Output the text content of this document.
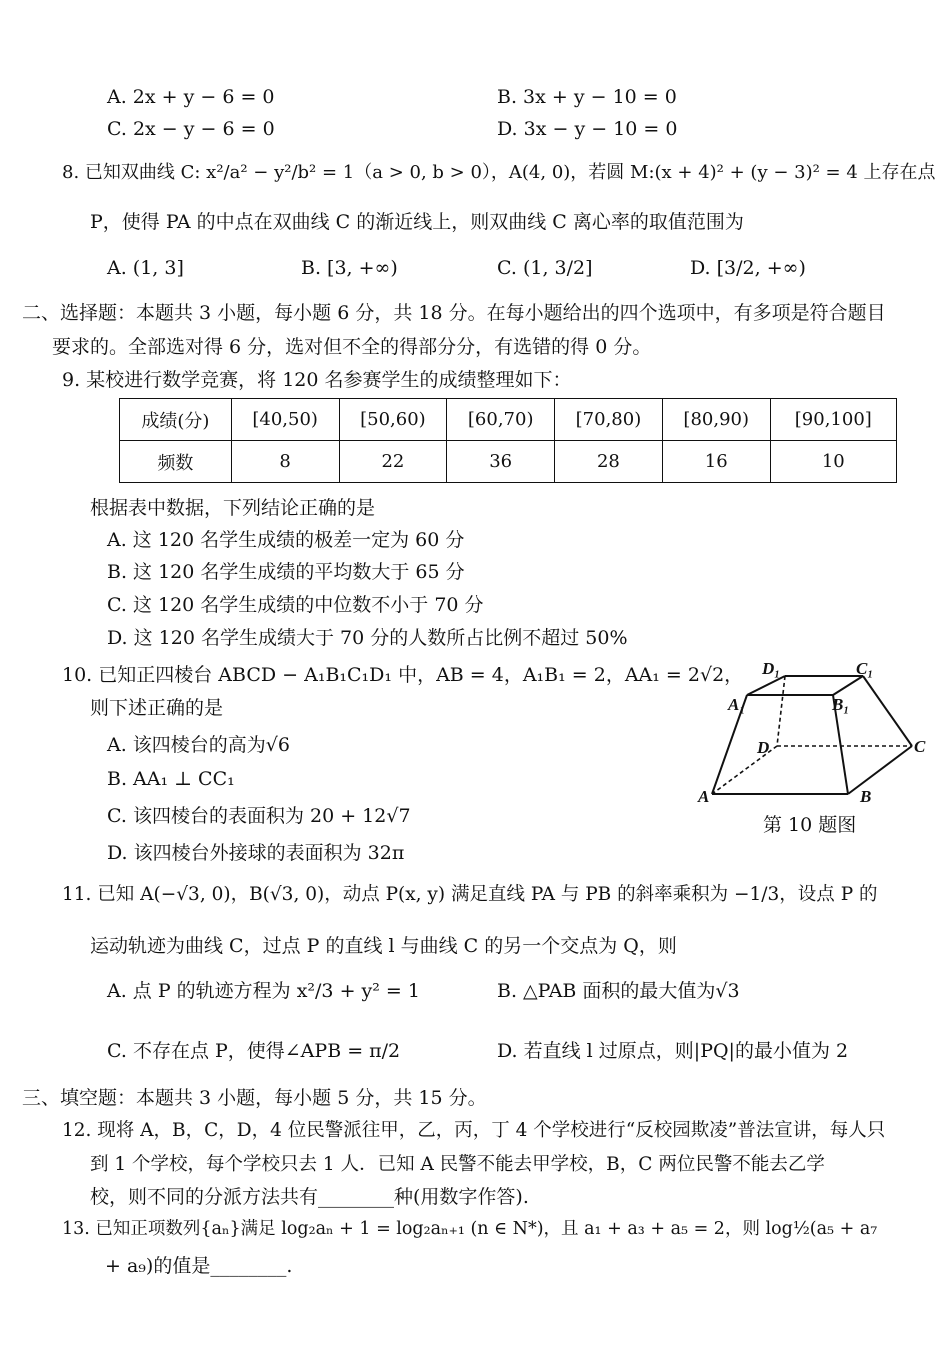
A. 2x + y − 6 = 0	B. 3x + y − 10 = 0
C. 2x − y − 6 = 0	D. 3x − y − 10 = 0
8. 已知双曲线 C: x²/a² − y²/b² = 1（a > 0, b > 0），A(4, 0)，若圆 M:(x + 4)² + (y − 3)² = 4 上存在点
P，使得 PA 的中点在双曲线 C 的渐近线上，则双曲线 C 离心率的取值范围为
A. (1, 3]	B. [3, +∞)	C. (1, 3/2]	D. [3/2, +∞)
二、选择题：本题共 3 小题，每小题 6 分，共 18 分。在每小题给出的四个选项中，有多项是符合题目
要求的。全部选对得 6 分，选对但不全的得部分分，有选错的得 0 分。
9. 某校进行数学竞赛，将 120 名参赛学生的成绩整理如下：
成绩(分)	[40,50)	[50,60)	[60,70)	[70,80)	[80,90)	[90,100]
频数	8	22	36	28	16	10
根据表中数据，下列结论正确的是
A. 这 120 名学生成绩的极差一定为 60 分
B. 这 120 名学生成绩的平均数大于 65 分
C. 这 120 名学生成绩的中位数不小于 70 分
D. 这 120 名学生成绩大于 70 分的人数所占比例不超过 50%
10. 已知正四棱台 ABCD − A₁B₁C₁D₁ 中，AB = 4，A₁B₁ = 2，AA₁ = 2√2，
则下述正确的是
A. 该四棱台的高为√6
B. AA₁ ⊥ CC₁
C. 该四棱台的表面积为 20 + 12√7
D. 该四棱台外接球的表面积为 32π
D₁	C₁
A₁	B₁
D	C
A	B
第 10 题图
11. 已知 A(−√3, 0)，B(√3, 0)，动点 P(x, y) 满足直线 PA 与 PB 的斜率乘积为 −1/3，设点 P 的
运动轨迹为曲线 C，过点 P 的直线 l 与曲线 C 的另一个交点为 Q，则
A. 点 P 的轨迹方程为 x²/3 + y² = 1	B. △PAB 面积的最大值为√3
C. 不存在点 P，使得∠APB = π/2	D. 若直线 l 过原点，则|PQ|的最小值为 2
三、填空题：本题共 3 小题，每小题 5 分，共 15 分。
12. 现将 A，B，C，D，4 位民警派往甲，乙，丙，丁 4 个学校进行“反校园欺凌”普法宣讲，每人只
到 1 个学校，每个学校只去 1 人．已知 A 民警不能去甲学校，B，C 两位民警不能去乙学
校，则不同的分派方法共有________种(用数字作答).
13. 已知正项数列{aₙ}满足 log₂aₙ + 1 = log₂aₙ₊₁ (n ∈ N*)，且 a₁ + a₃ + a₅ = 2，则 log½(a₅ + a₇
+ a₉)的值是________.
